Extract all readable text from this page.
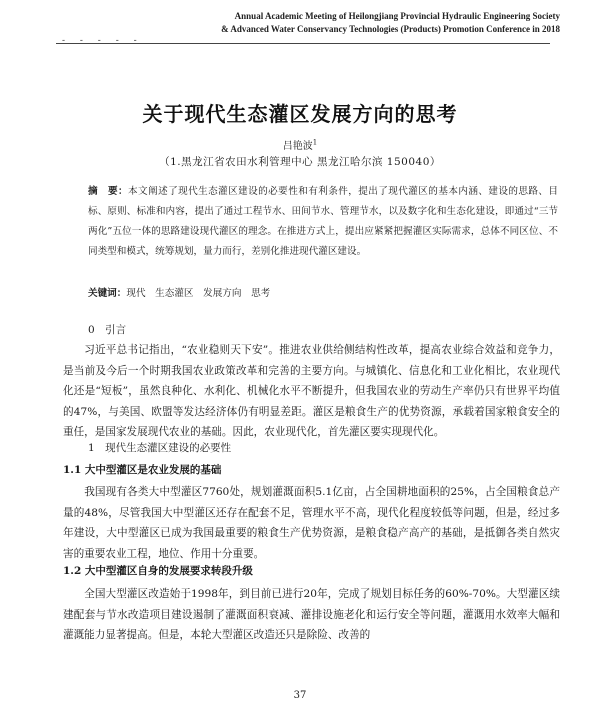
Annual Academic Meeting of Heilongjiang Provincial Hydraulic Engineering Society
& Advanced Water Conservancy Technologies (Products) Promotion Conference in 2018
- - - - -
关于现代生态灌区发展方向的思考
吕艳波$^1$
（1.黑龙江省农田水利管理中心 黑龙江哈尔滨 150040）
摘　要：本文阐述了现代生态灌区建设的必要性和有利条件，提出了现代灌区的基本内涵、建设的思路、目标、原则、标准和内容，提出了通过工程节水、田间节水、管理节水，以及数字化和生态化建设，即通过“三节两化”五位一体的思路建设现代灌区的理念。在推进方式上，提出应紧紧把握灌区实际需求，总体不同区位、不同类型和模式，统筹规划，量力而行，差别化推进现代灌区建设。
关键词：现代　生态灌区　发展方向　思考
0　引言

习近平总书记指出，“农业稳则天下安”。推进农业供给侧结构性改革，提高农业综合效益和竞争力，是当前及今后一个时期我国农业政策改革和完善的主要方向。与城镇化、信息化和工业化相比，农业现代化还是“短板”，虽然良种化、水利化、机械化水平不断提升，但我国农业的劳动生产率仍只有世界平均值的47%，与美国、欧盟等发达经济体仍有明显差距。灌区是粮食生产的优势资源，承载着国家粮食安全的重任，是国家发展现代农业的基础。因此，农业现代化，首先灌区要实现现代化。

1　现代生态灌区建设的必要性
1.1 大中型灌区是农业发展的基础

我国现有各类大中型灌区7760处，规划灌溉面积5.1亿亩，占全国耕地面积的25%，占全国粮食总产量的48%，尽管我国大中型灌区还存在配套不足，管理水平不高，现代化程度较低等问题，但是，经过多年建设，大中型灌区已成为我国最重要的粮食生产优势资源，是粮食稳产高产的基础，是抵御各类自然灾害的重要农业工程，地位、作用十分重要。

1.2 大中型灌区自身的发展要求转段升级

全国大型灌区改造始于1998年，到目前已进行20年，完成了规划目标任务的60%-70%。大型灌区续建配套与节水改造项目建设遏制了灌溉面积衰减、灌排设施老化和运行安全等问题，灌溉用水效率大幅和灌溉能力显著提高。但是，本轮大型灌区改造还只是除险、改善的

37
